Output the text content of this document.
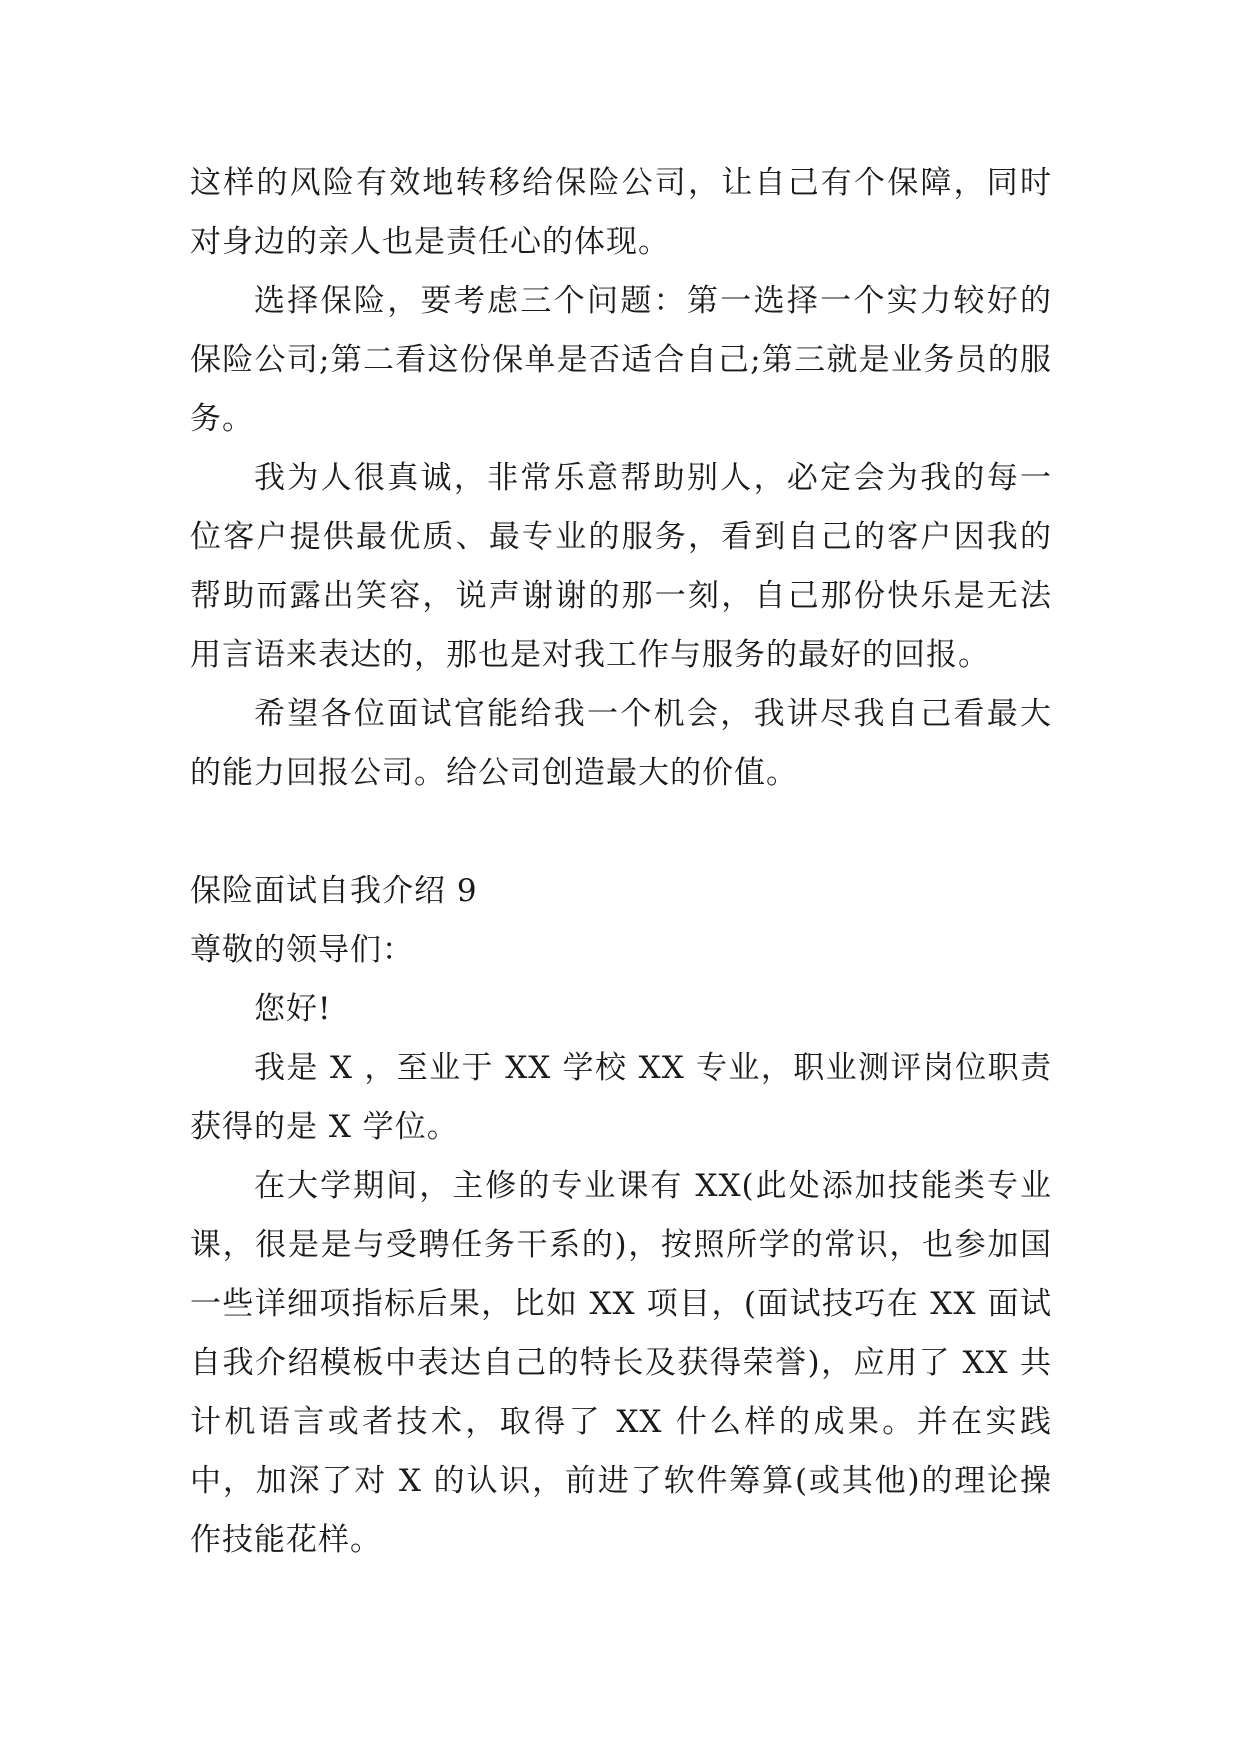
这样的风险有效地转移给保险公司，让自己有个保障，同时对身边的亲人也是责任心的体现。

选择保险，要考虑三个问题：第一选择一个实力较好的保险公司;第二看这份保单是否适合自己;第三就是业务员的服务。

我为人很真诚，非常乐意帮助别人，必定会为我的每一位客户提供最优质、最专业的服务，看到自己的客户因我的帮助而露出笑容，说声谢谢的那一刻，自己那份快乐是无法用言语来表达的，那也是对我工作与服务的最好的回报。

希望各位面试官能给我一个机会，我讲尽我自己看最大的能力回报公司。给公司创造最大的价值。

保险面试自我介绍 9

尊敬的领导们：

您好!

我是 X ，至业于 XX 学校 XX 专业，职业测评岗位职责获得的是 X 学位。

在大学期间，主修的专业课有 XX(此处添加技能类专业课，很是是与受聘任务干系的)，按照所学的常识，也参加国一些详细项指标后果，比如 XX 项目，(面试技巧在 XX 面试自我介绍模板中表达自己的特长及获得荣誉)，应用了 XX 共计机语言或者技术，取得了 XX 什么样的成果。并在实践中，加深了对 X 的认识，前进了软件筹算(或其他)的理论操作技能花样。
